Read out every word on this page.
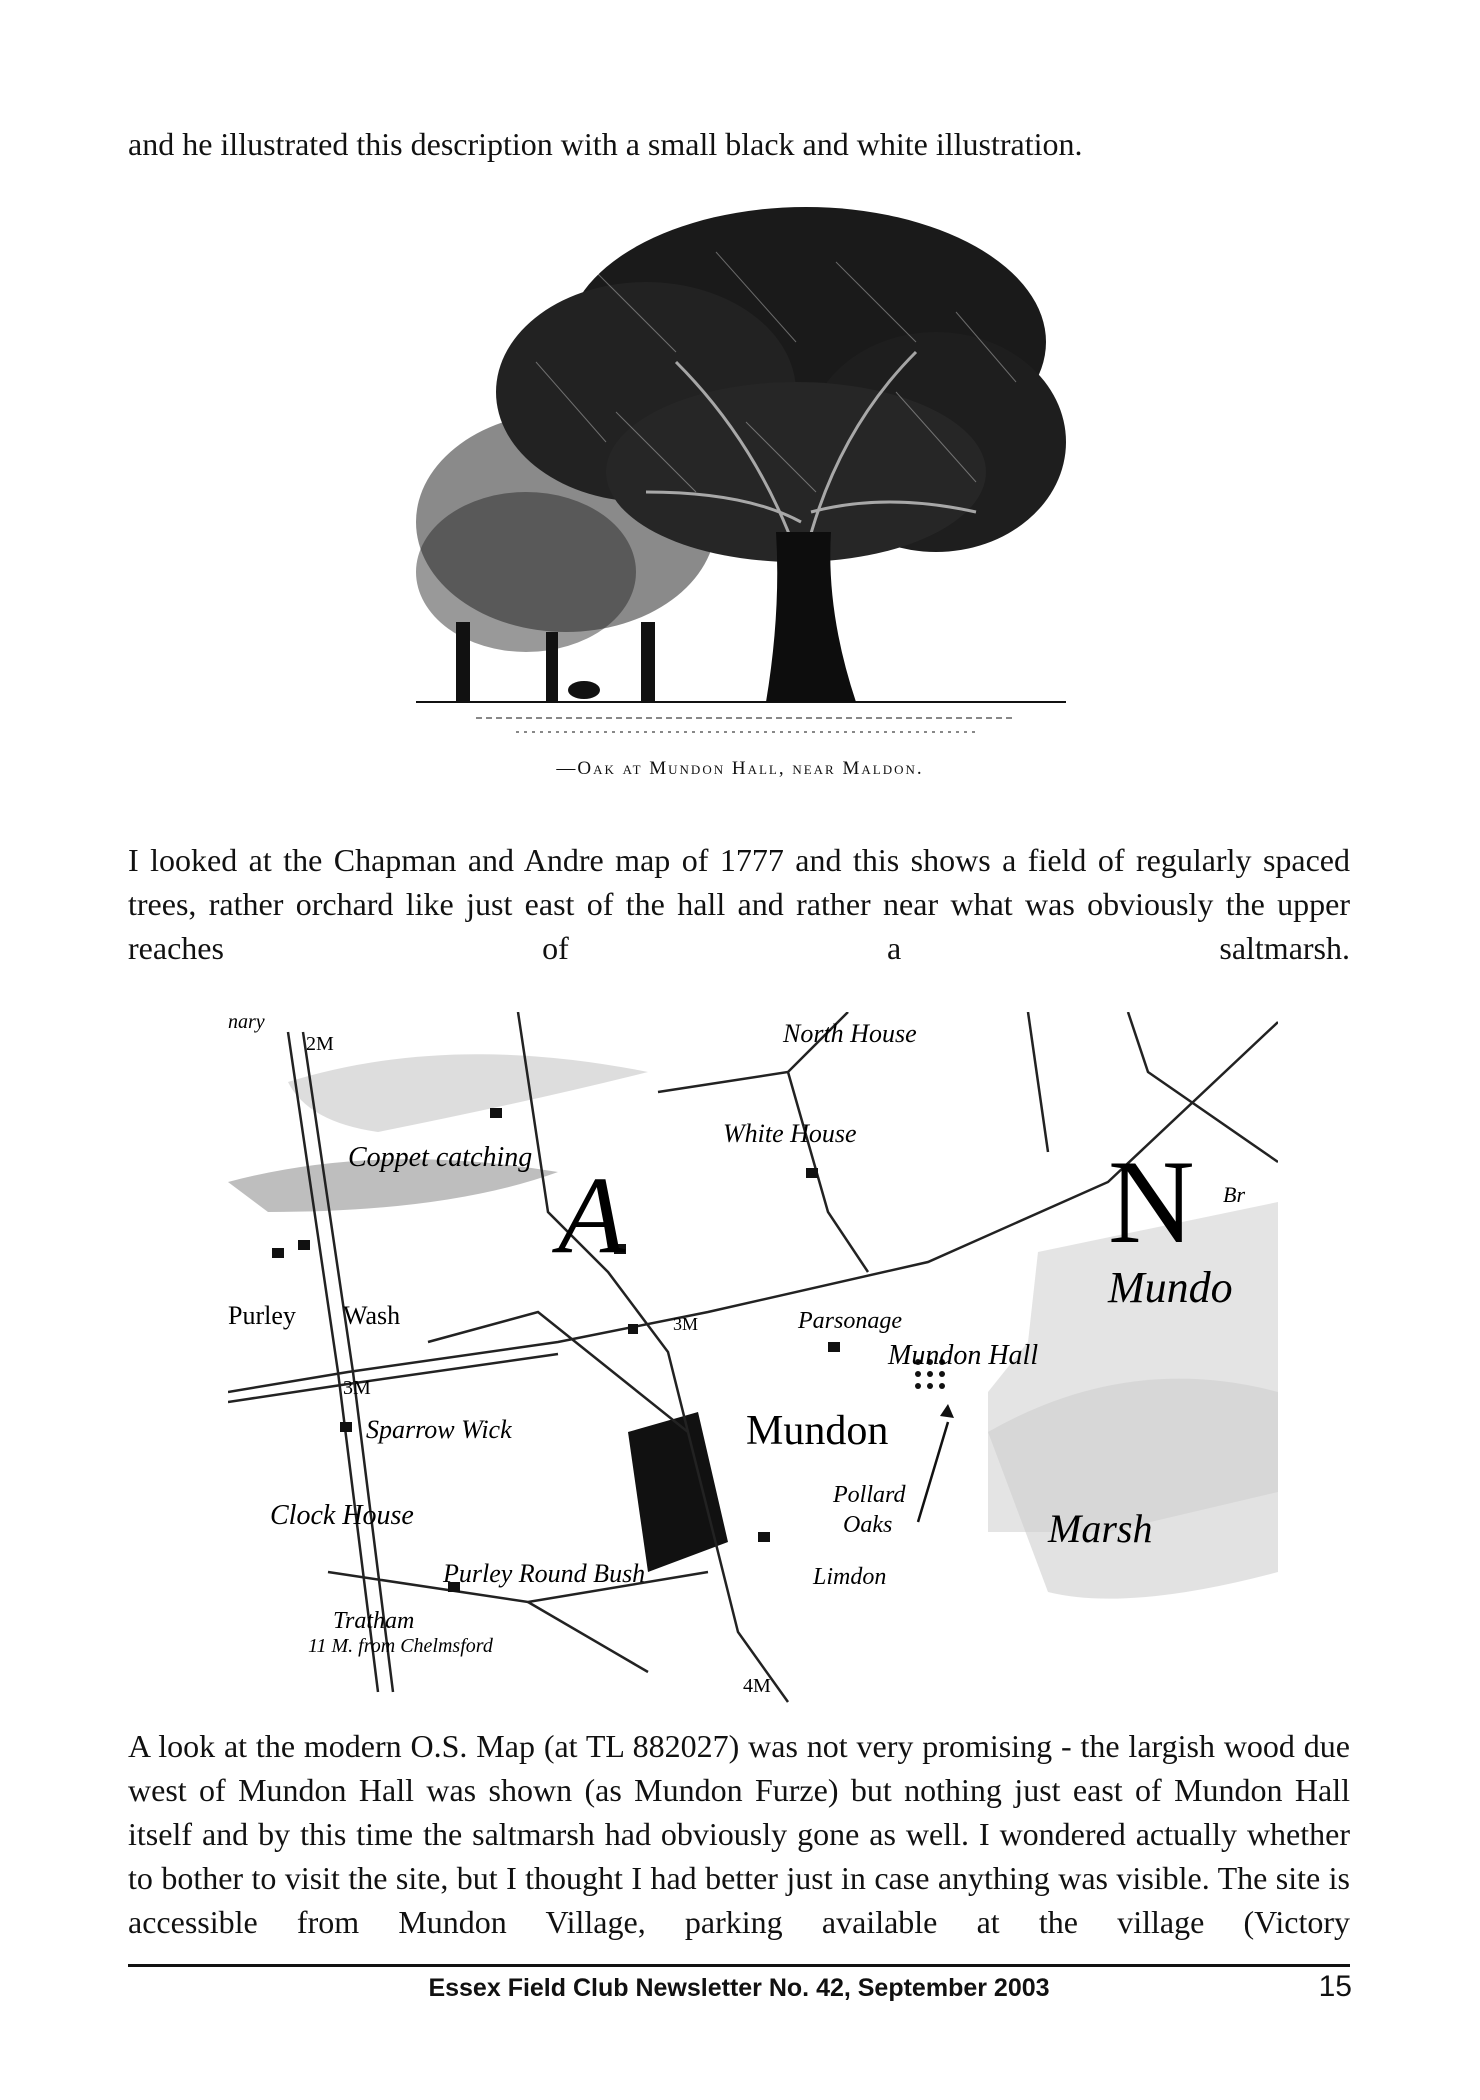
and he illustrated this description with a small black and white illustration.

—Oak at Mundon Hall, near Maldon.

I looked at the Chapman and Andre map of 1777 and this shows a field of regularly spaced trees, rather orchard like just east of the hall and rather near what was obviously the upper reaches of a saltmarsh.

nary
2M	North House
White House
Coppet catching A	N Br
Mundo
Purley Wash	3M	Parsonage
Mundon Hall
3M
Sparrow Wick	Mundon
Pollard
Oaks
Clock House	Marsh
Purley Round Bush	Limdon
Tratham
11 M. from Chelmsford
4M

A look at the modern O.S. Map (at TL 882027) was not very promising - the largish wood due west of Mundon Hall was shown (as Mundon Furze) but nothing just east of Mundon Hall itself and by this time the saltmarsh had obviously gone as well. I wondered actually whether to bother to visit the site, but I thought I had better just in case anything was visible. The site is accessible from Mundon Village, parking available at the village (Victory

Essex Field Club Newsletter No. 42, September 2003	15
